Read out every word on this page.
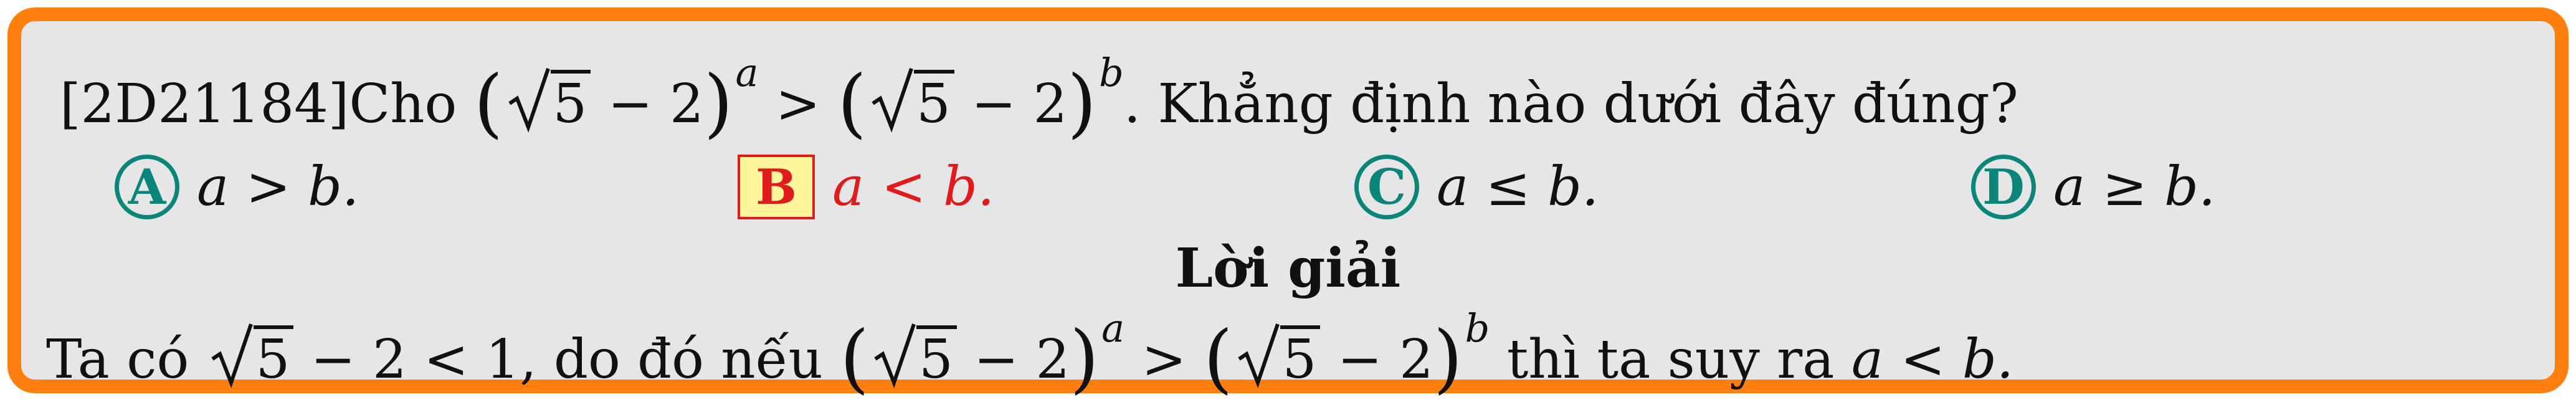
[2D21184]Cho ( 5 − 2)$^a$ > ( 5 − 2)$^b$. Khẳng định nào dưới đây đúng?
A a > b.	B a < b.	C a ≤ b.	D a ≥ b.
Lời giải
Ta có 5 − 2 < 1, do đó nếu ( 5 − 2)$^a$ > ( 5 − 2)$^b$ thì ta suy ra a < b.
